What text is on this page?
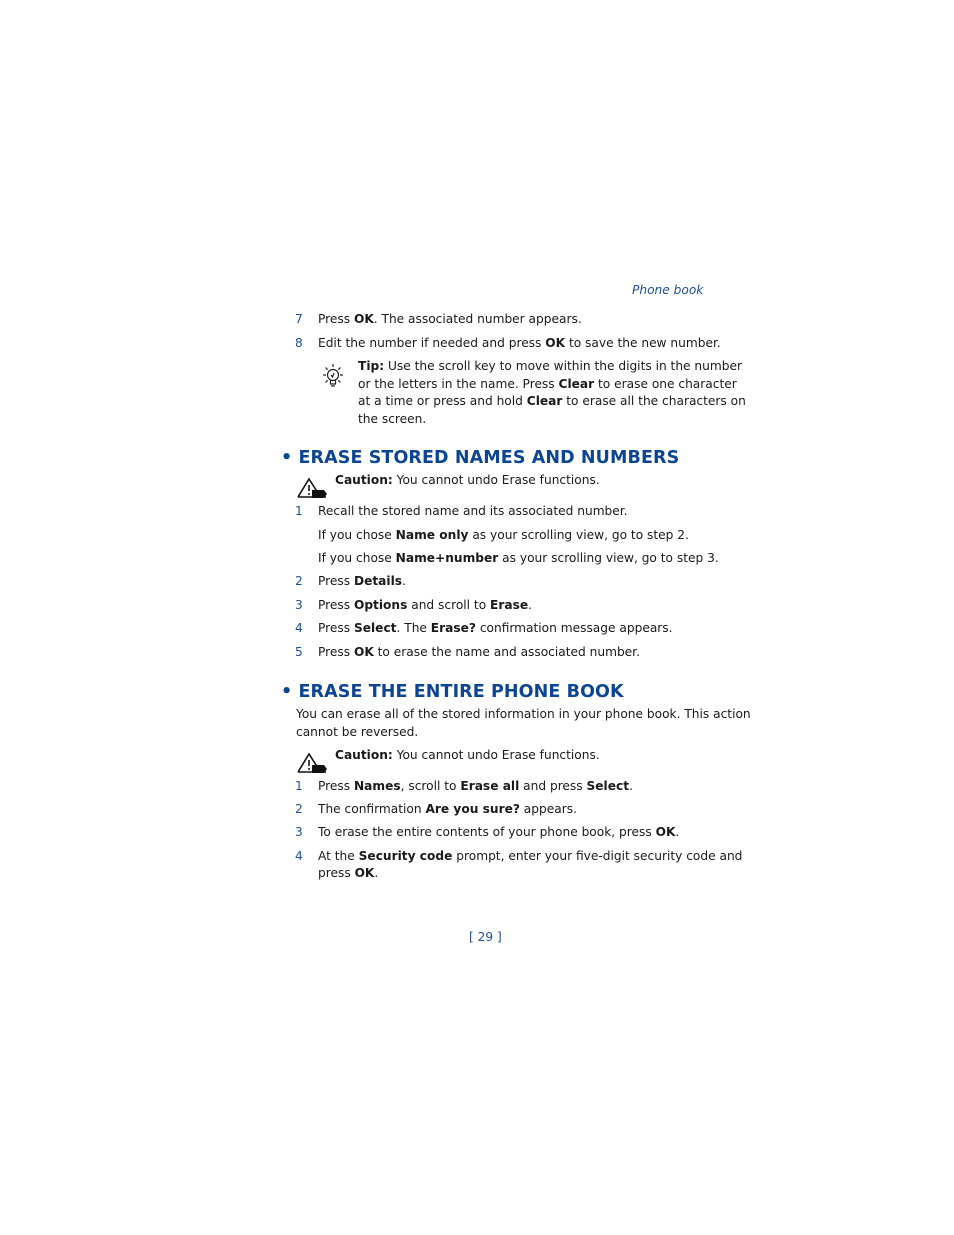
Phone book
7 Press OK. The associated number appears.
8 Edit the number if needed and press OK to save the new number.
Tip: Use the scroll key to move within the digits in the number
or the letters in the name. Press Clear to erase one character
at a time or press and hold Clear to erase all the characters on
the screen.
• ERASE STORED NAMES AND NUMBERS
Caution: You cannot undo Erase functions.
1 Recall the stored name and its associated number.
If you chose Name only as your scrolling view, go to step 2.
If you chose Name+number as your scrolling view, go to step 3.
2 Press Details.
3 Press Options and scroll to Erase.
4 Press Select. The Erase? confirmation message appears.
5 Press OK to erase the name and associated number.
• ERASE THE ENTIRE PHONE BOOK
You can erase all of the stored information in your phone book. This action
cannot be reversed.
Caution: You cannot undo Erase functions.
1 Press Names, scroll to Erase all and press Select.
2 The confirmation Are you sure? appears.
3 To erase the entire contents of your phone book, press OK.
4 At the Security code prompt, enter your five-digit security code and
press OK.
[ 29 ]
